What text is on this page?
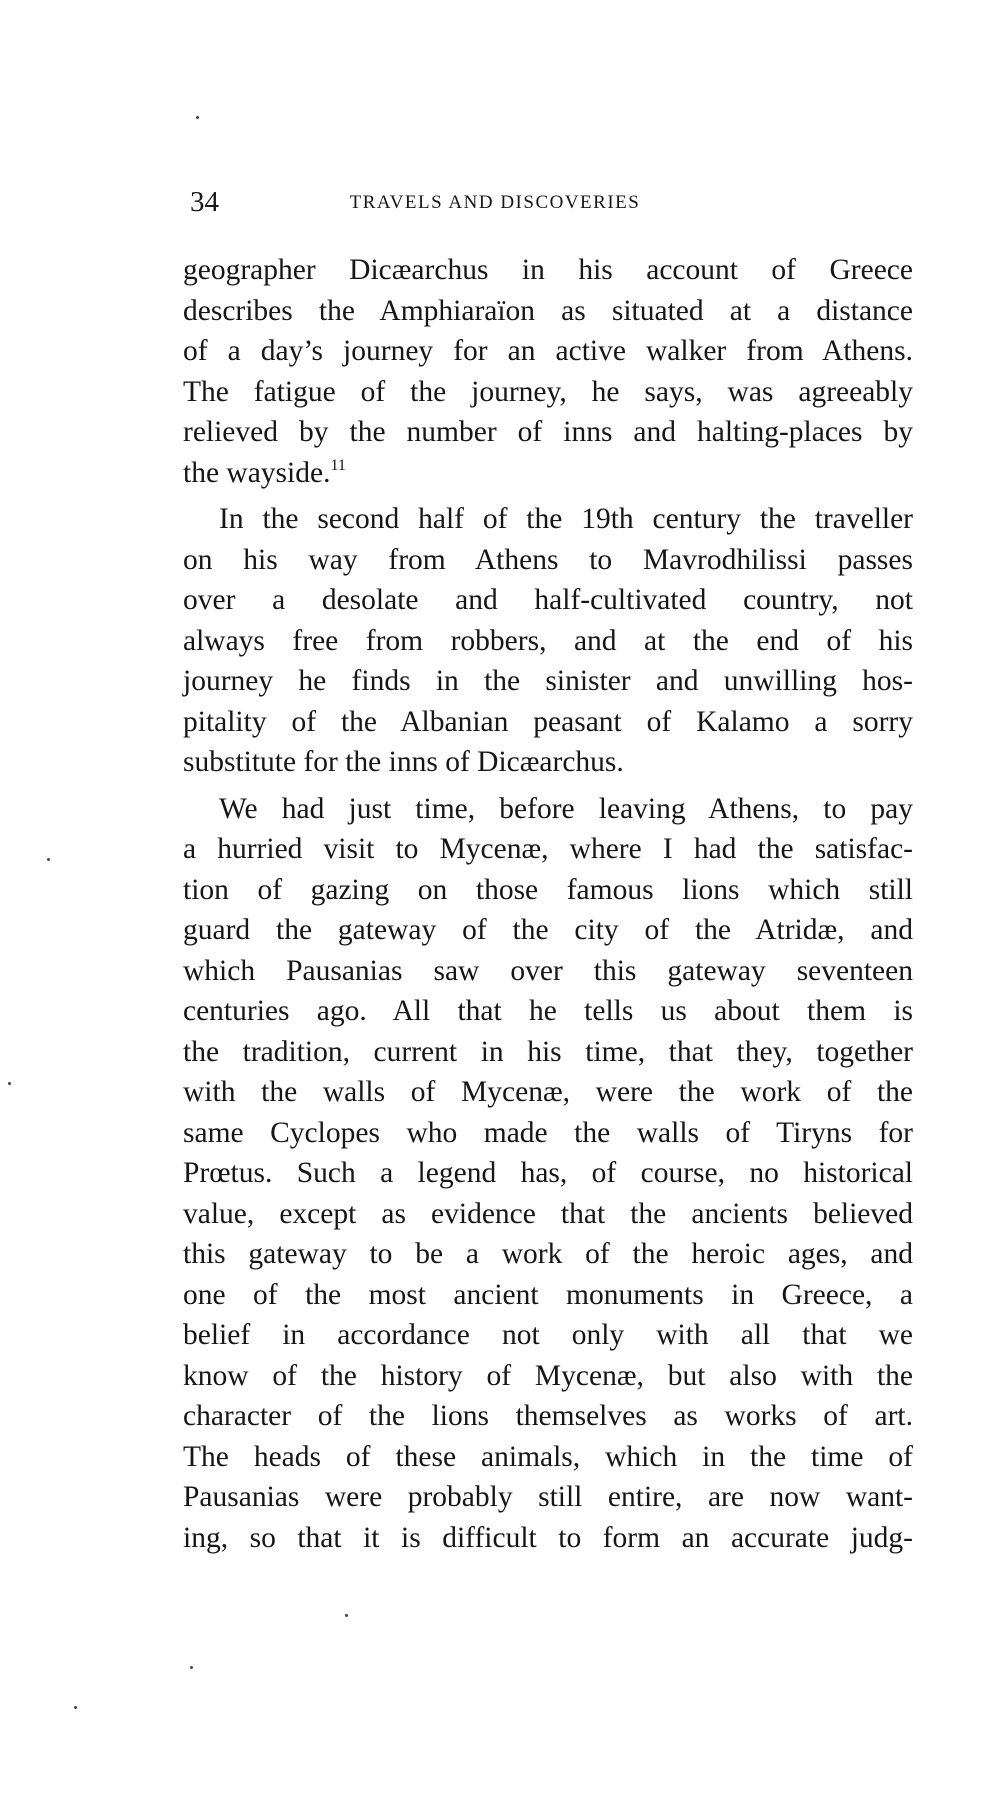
34	TRAVELS AND DISCOVERIES
geographer Dicæarchus in his account of Greece
describes the Amphiaraïon as situated at a distance
of a day’s journey for an active walker from Athens.
The fatigue of the journey, he says, was agreeably
relieved by the number of inns and halting-places by
the wayside.$^{11}$
In the second half of the 19th century the traveller
on his way from Athens to Mavrodhilissi passes
over a desolate and half-cultivated country, not
always free from robbers, and at the end of his
journey he finds in the sinister and unwilling hos-
pitality of the Albanian peasant of Kalamo a sorry
substitute for the inns of Dicæarchus.
We had just time, before leaving Athens, to pay
a hurried visit to Mycenæ, where I had the satisfac-
tion of gazing on those famous lions which still
guard the gateway of the city of the Atridæ, and
which Pausanias saw over this gateway seventeen
centuries ago. All that he tells us about them is
the tradition, current in his time, that they, together
with the walls of Mycenæ, were the work of the
same Cyclopes who made the walls of Tiryns for
Prœtus. Such a legend has, of course, no historical
value, except as evidence that the ancients believed
this gateway to be a work of the heroic ages, and
one of the most ancient monuments in Greece, a
belief in accordance not only with all that we
know of the history of Mycenæ, but also with the
character of the lions themselves as works of art.
The heads of these animals, which in the time of
Pausanias were probably still entire, are now want-
ing, so that it is difficult to form an accurate judg-
